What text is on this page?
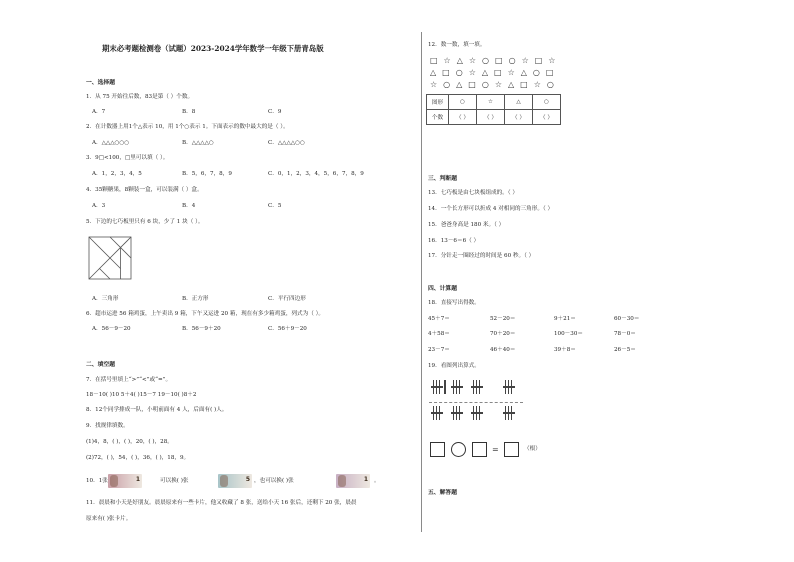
期末必考题检测卷（试题）2023-2024学年数学一年级下册青岛版
一、选择题
1．从 75 开始往后数，83是第（ ）个数。
A．7	B．8	C．9
2．在计数器上用1个△表示 10，用 1个○表示 1。下面表示的数中最大的是（ ）。
A．△△△○○○	B．△△△△○	C．△△△△○○
3．9□<100，□里可以填（ ）。
A．1，2，3，4，5	B．5，6，7，8，9	C．0，1，2，3，4，5，6，7，8，9
4．35颗糖果，8颗装一盒，可以装满（ ）盒。
A．3	B．4	C．5
5．下边的七巧板里只有 6 块，少了 1 块（ ）。
A．三角形	B．正方形	C．平行四边形
6．超市运进 56 箱鸡蛋，上午卖出 9 箱，下午又运进 20 箱，现在有多少箱鸡蛋，列式为（ ）。
A．56－9－20	B．56－9＋20	C．56＋9－20
二、填空题
7．在括号里填上“>”“<”或“=”。
18－10( )10 5＋4( )15－7 19－10( )8＋2
8．12个同学排成一队，小明前面有 4 人，后面有( )人。
9．找规律填数。
(1)4，8，( )，( )，20，( )，28。
(2)72，( )，54，( )，36，( )，18，9。
10．1张	1	可以换( )张	5 ，也可以换( )张	1 。
11．晨晨和小天是好朋友。晨晨原来有一些卡片，他又收藏了 8 张，送给小天 16 张后，还剩下 20 张，晨晨
原来有( )张卡片。
12．数一数，填一填。
□☆△☆○□○☆□☆
△□○☆△□☆△○□
☆○△□○☆△□☆○
图形	○	☆	△	○
个数	（ ）	（ ）	（ ）	（ ）
三、判断题
13．七巧板是由七块板组成的。（ ）
14．一个长方形可以折成 4 对相同的三角形。（ ）
15．爸爸身高是 180 米。（ ）
16．13－6＝6（ ）
17．分针走一圈经过的时间是 60 秒。（ ）
四、计算题
18．直接写出得数。
45＋7＝	52－20＝	9＋21＝	60－30＝
4＋58＝	70＋20＝	100－30＝	78－0＝
23－7＝	46＋40＝	39＋8＝	26－5＝
19．看图列出算式。
=	（根）
五、解答题
